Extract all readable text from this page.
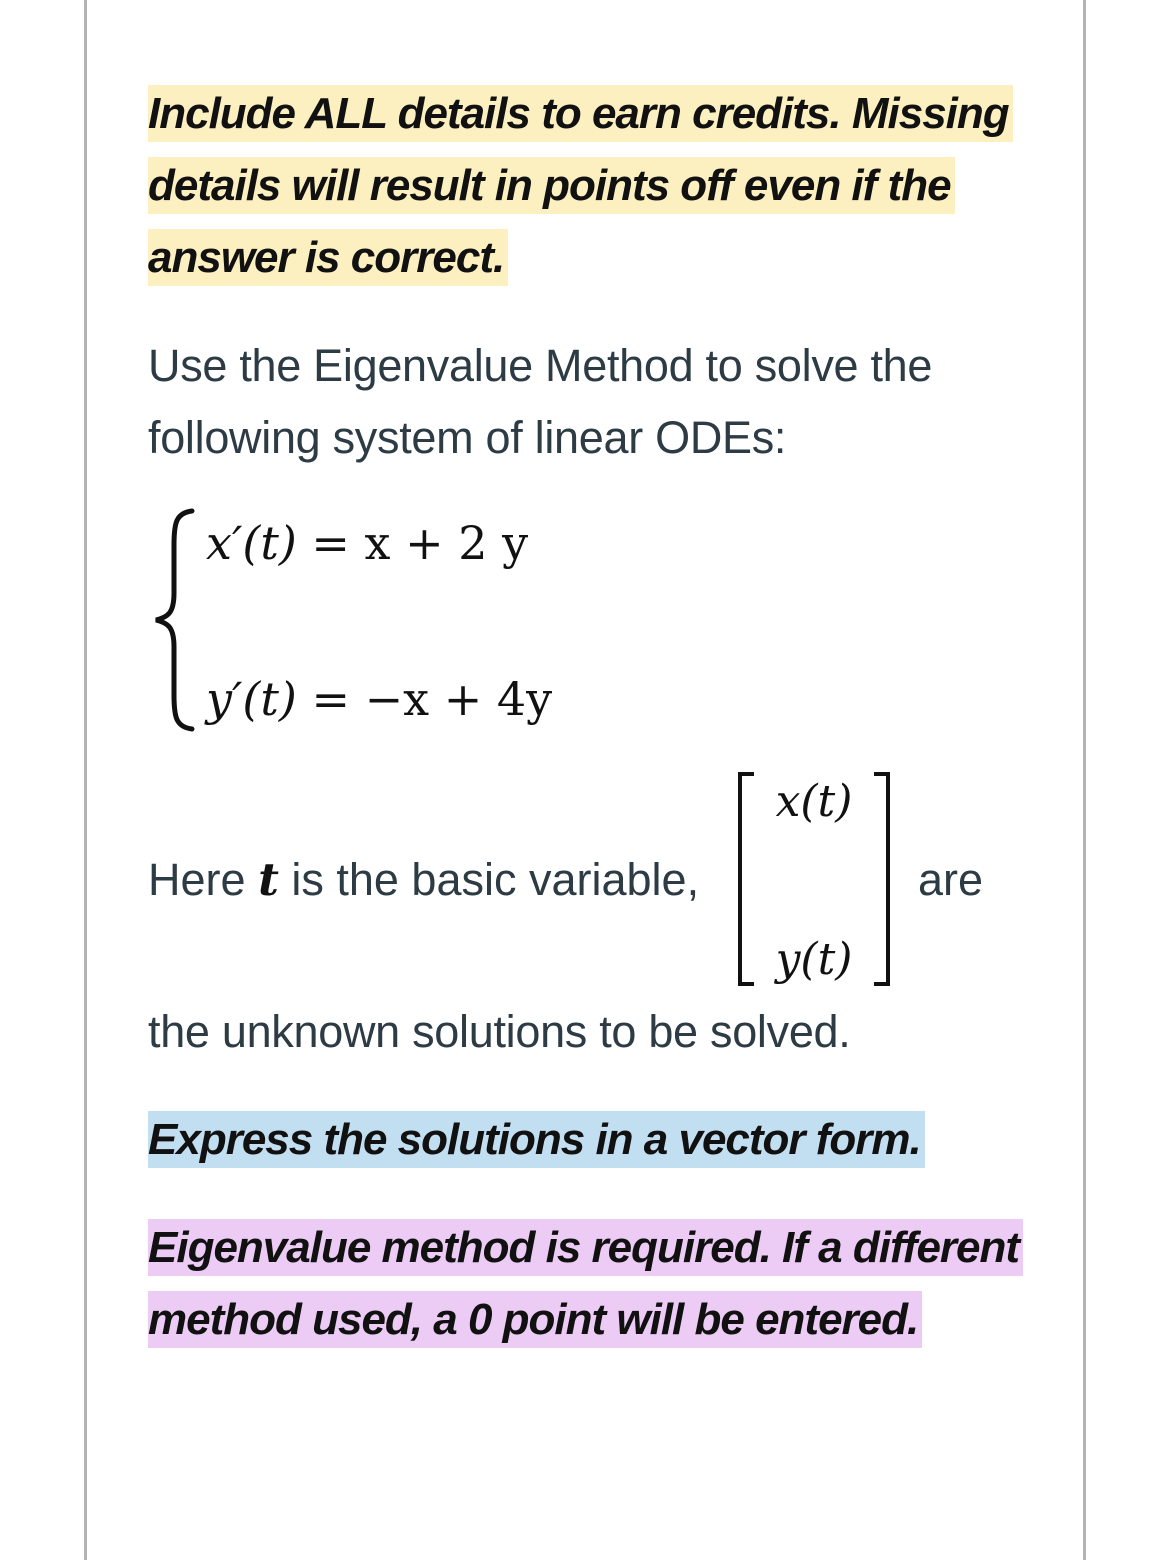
Include ALL details to earn credits. Missing
details will result in points off even if the
answer is correct.
Use the Eigenvalue Method to solve the
following system of linear ODEs:
x′(t) = x + 2 y
y′(t) = −x + 4y
Here t is the basic variable,
x(t)
y(t)
are
the unknown solutions to be solved.
Express the solutions in a vector form.
Eigenvalue method is required. If a different
method used, a 0 point will be entered.
